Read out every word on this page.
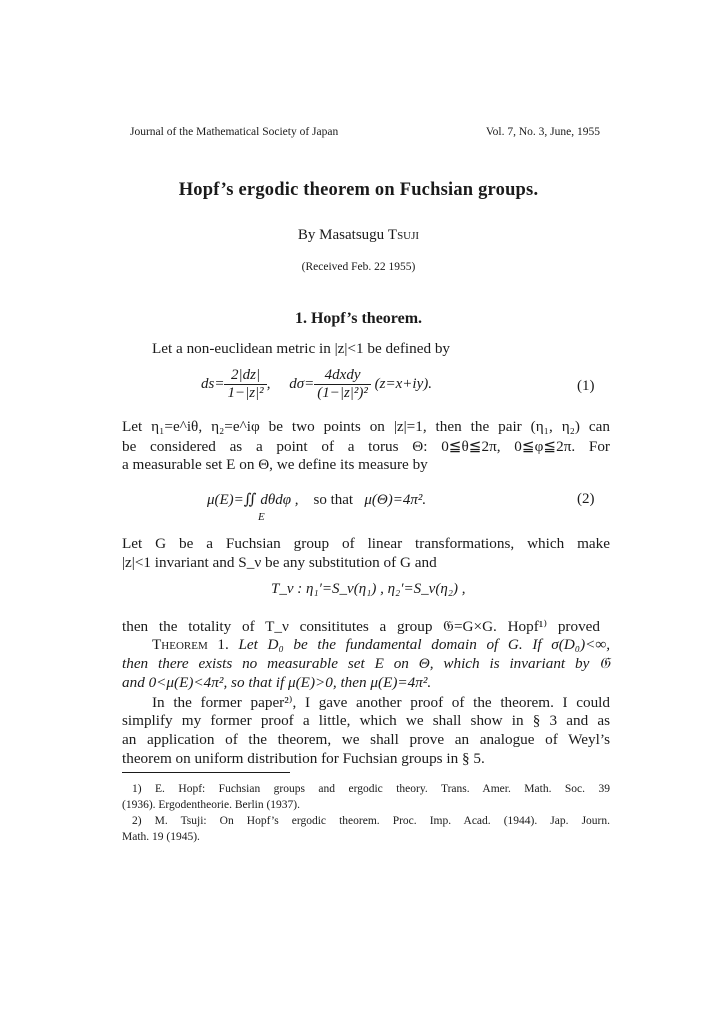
Journal of the Mathematical Society of Japan	Vol. 7, No. 3, June, 1955
Hopf’s ergodic theorem on Fuchsian groups.
By Masatsugu Tsuji
(Received Feb. 22 1955)
1. Hopf’s theorem.
Let a non-euclidean metric in |z|<1 be defined by
$ds= \frac{2|dz|}{\text{1−|z|²}}$ ,     $d\sigma= \frac{\text{4dxdy}}{\text{(1−|z|²)²}} (z=x+iy)$.	(1)
Let η₁=e^iθ, η₂=e^iφ be two points on |z|=1, then the pair (η₁, η₂) can
be considered as a point of a torus Θ: 0≦θ≦2π, 0≦φ≦2π. For
a measurable set E on Θ, we define its measure by
μ(E)=∬ dθdφ , so that μ(Θ)=4π².
E
(2)
Let G be a Fuchsian group of linear transformations, which make
|z|<1 invariant and S_ν be any substitution of G and
T_ν : η₁′=S_ν(η₁) , η₂′=S_ν(η₂) ,
then the totality of T_ν consititutes a group 𝔊=G×G. Hopf¹⁾ proved
Theorem 1. Let D₀ be the fundamental domain of G. If σ(D₀)<∞,
then there exists no measurable set E on Θ, which is invariant by 𝔊
and 0<μ(E)<4π², so that if μ(E)>0, then μ(E)=4π².
In the former paper²⁾, I gave another proof of the theorem. I could
simplify my former proof a little, which we shall show in § 3 and as
an application of the theorem, we shall prove an analogue of Weyl’s
theorem on uniform distribution for Fuchsian groups in § 5.
1) E. Hopf: Fuchsian groups and ergodic theory. Trans. Amer. Math. Soc. 39
(1936). Ergodentheorie. Berlin (1937).
2) M. Tsuji: On Hopf’s ergodic theorem. Proc. Imp. Acad. (1944). Jap. Journ.
Math. 19 (1945).
